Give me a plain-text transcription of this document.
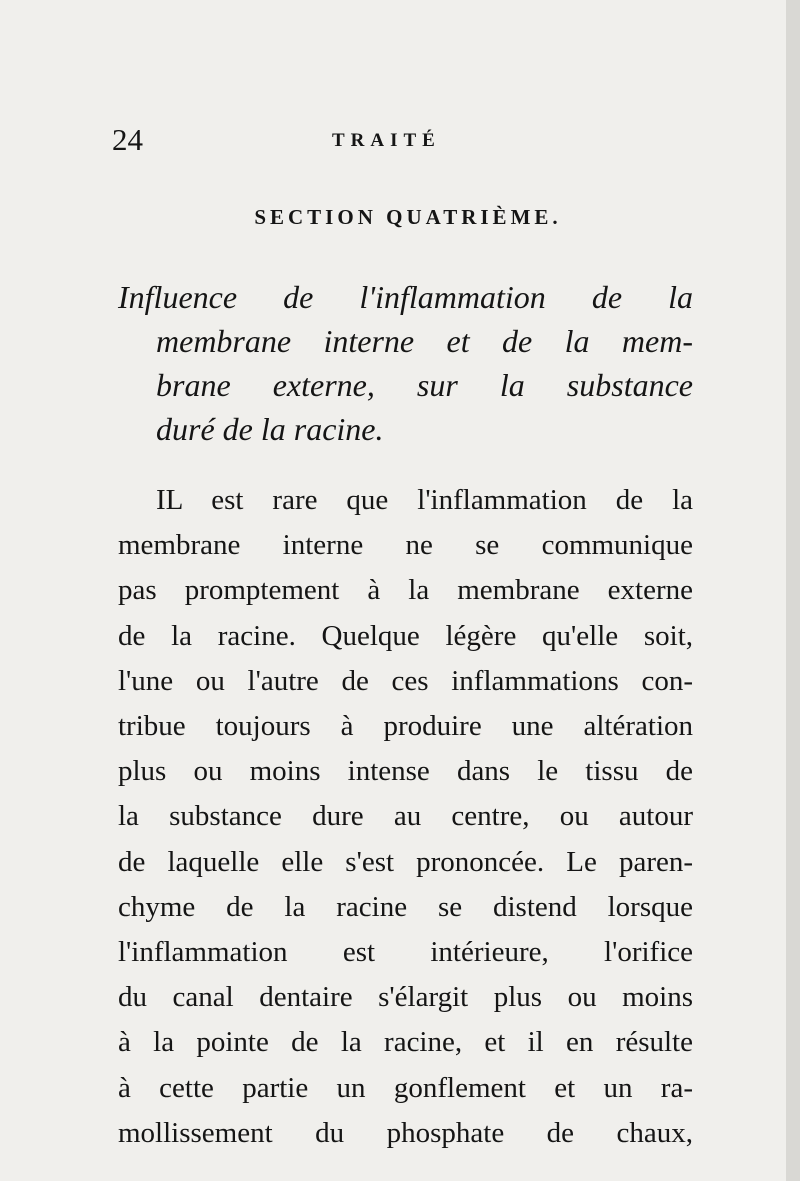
24	TRAITÉ
SECTION QUATRIÈME.
Influence de l'inflammation de la
membrane interne et de la mem-
brane externe, sur la substance
duré de la racine.
IL est rare que l'inflammation de la
membrane interne ne se communique
pas promptement à la membrane externe
de la racine. Quelque légère qu'elle soit,
l'une ou l'autre de ces inflammations con-
tribue toujours à produire une altération
plus ou moins intense dans le tissu de
la substance dure au centre, ou autour
de laquelle elle s'est prononcée. Le paren-
chyme de la racine se distend lorsque
l'inflammation est intérieure, l'orifice
du canal dentaire s'élargit plus ou moins
à la pointe de la racine, et il en résulte
à cette partie un gonflement et un ra-
mollissement du phosphate de chaux,
